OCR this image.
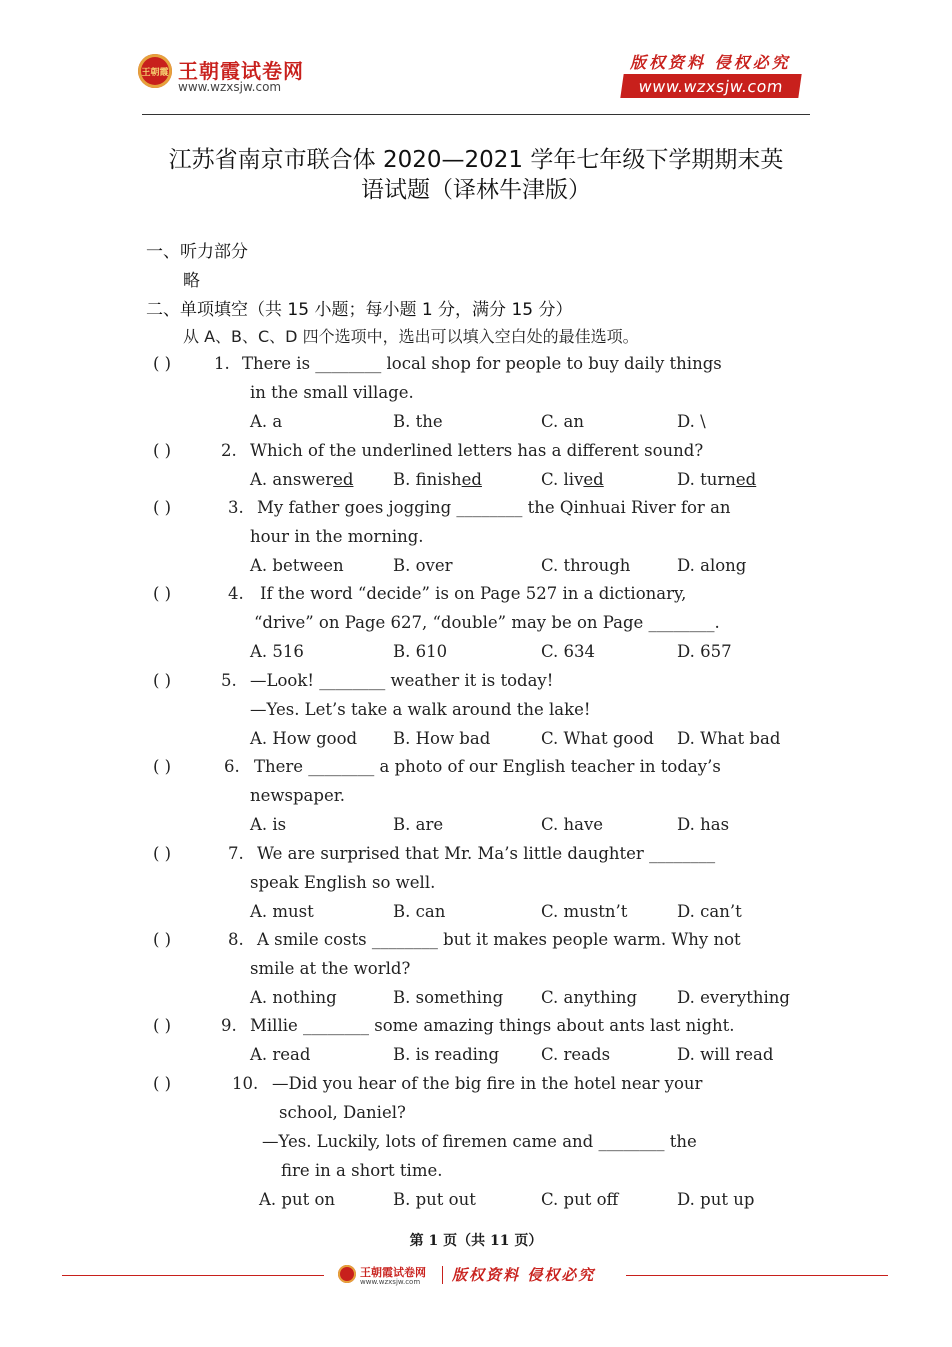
王朝霞 王朝霞试卷网
www.wzxsjw.com
版权资料 侵权必究
www.wzxsjw.com
江苏省南京市联合体 2020—2021 学年七年级下学期期末英
语试题（译林牛津版）
一、听力部分
略
二、单项填空（共 15 小题；每小题 1 分，满分 15 分）
从 A、B、C、D 四个选项中，选出可以填入空白处的最佳选项。
( )	1. There is ________ local shop for people to buy daily things
in the small village.
A. a	B. the	C. an	D. \
( )	2. Which of the underlined letters has a different sound?
A. answered B. finished	C. lived	D. turned
( )	3. My father goes jogging ________ the Qinhuai River for an
hour in the morning.
A. between	B. over	C. through	D. along
( )	4. If the word “decide” is on Page 527 in a dictionary,
“drive” on Page 627, “double” may be on Page ________.
A. 516	B. 610	C. 634	D. 657
( )	5. —Look! ________ weather it is today!
—Yes. Let’s take a walk around the lake!
A. How good B. How bad	C. What good D. What bad
( )	6. There ________ a photo of our English teacher in today’s
newspaper.
A. is	B. are	C. have	D. has
( )	7. We are surprised that Mr. Ma’s little daughter ________
speak English so well.
A. must	B. can	C. mustn’t	D. can’t
( )	8. A smile costs ________ but it makes people warm. Why not
smile at the world?
A. nothing	B. something C. anything D. everything
( )	9. Millie ________ some amazing things about ants last night.
A. read	B. is reading	C. reads	D. will read
( )	10. —Did you hear of the big fire in the hotel near your
school, Daniel?
—Yes. Luckily, lots of firemen came and ________ the
fire in a short time.
A. put on	B. put out	C. put off	D. put up
第 1 页（共 11 页）
王朝霞试卷网
www.wzxsjw.com 版权资料 侵权必究
